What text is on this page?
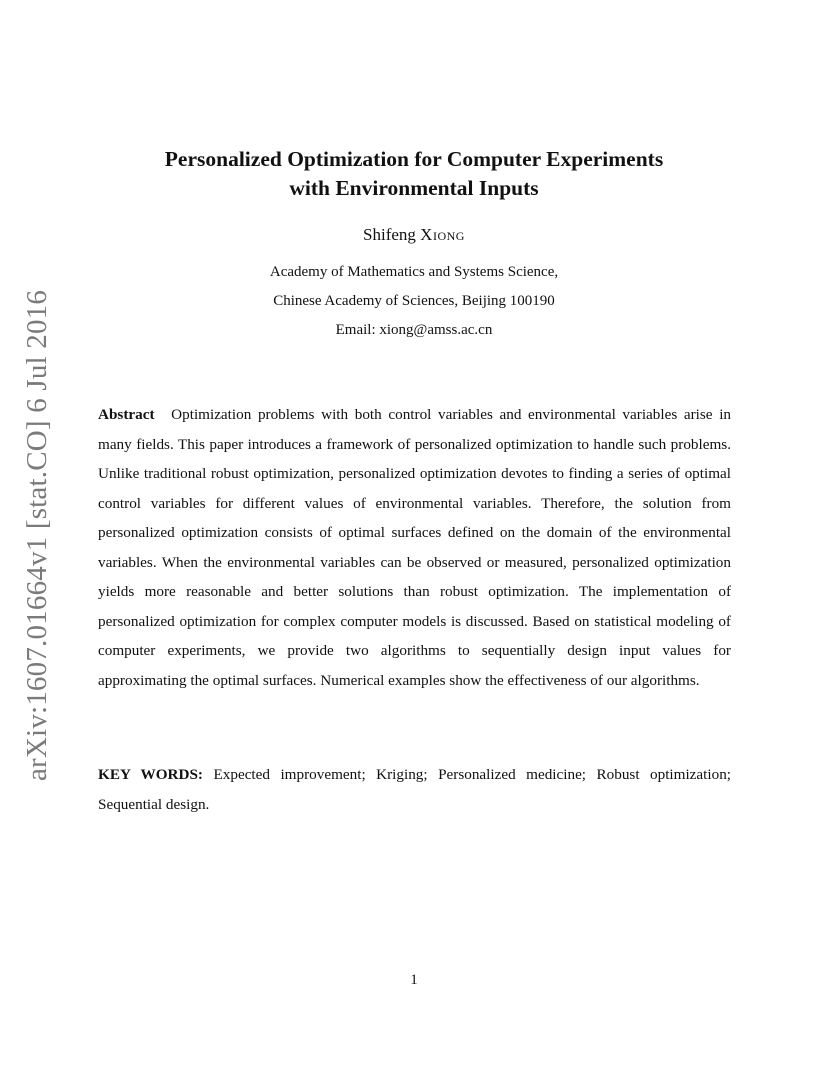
arXiv:1607.01664v1 [stat.CO] 6 Jul 2016
Personalized Optimization for Computer Experiments
with Environmental Inputs
Shifeng Xiong
Academy of Mathematics and Systems Science,
Chinese Academy of Sciences, Beijing 100190
Email: xiong@amss.ac.cn

Abstract Optimization problems with both control variables and environmental variables arise in many fields. This paper introduces a framework of personalized optimization to handle such problems. Unlike traditional robust optimization, personalized optimization devotes to finding a series of optimal control variables for different values of environmental variables. Therefore, the solution from personalized optimization consists of optimal surfaces defined on the domain of the environmental variables. When the environmental variables can be observed or measured, personalized optimization yields more reasonable and better solutions than robust optimization. The implementation of personalized optimization for complex computer models is discussed. Based on statistical modeling of computer experiments, we provide two algorithms to sequentially design input values for approximating the optimal surfaces. Numerical examples show the effectiveness of our algorithms.

KEY WORDS: Expected improvement; Kriging; Personalized medicine; Robust optimization; Sequential design.

1
